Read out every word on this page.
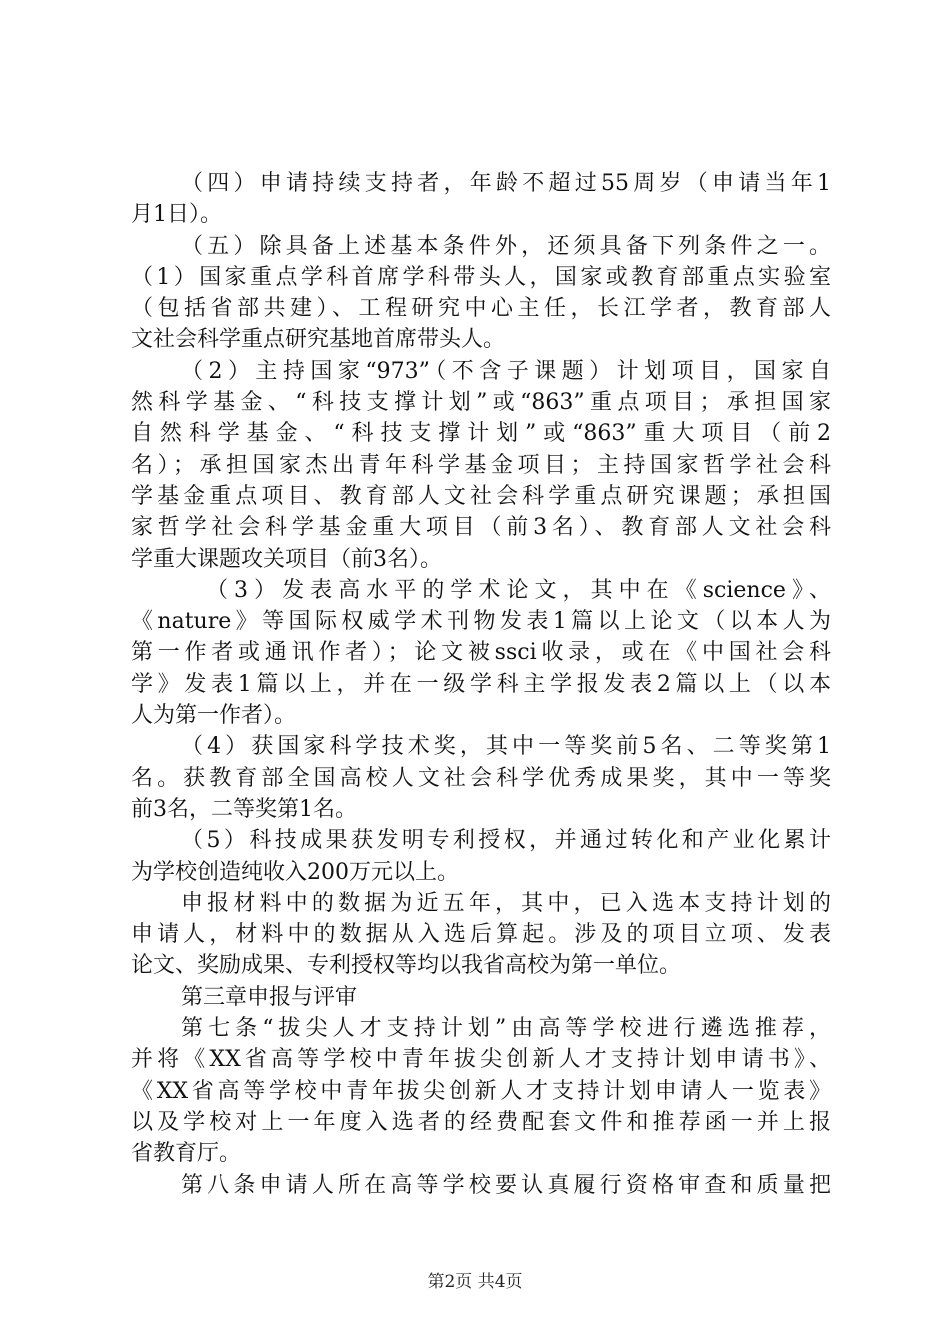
（四）申请持续支持者，年龄不超过55周岁（申请当年1
月1日）。
（五）除具备上述基本条件外，还须具备下列条件之一。
（1）国家重点学科首席学科带头人，国家或教育部重点实验室
（包括省部共建）、工程研究中心主任，长江学者，教育部人
文社会科学重点研究基地首席带头人。
（2）主持国家“973”（不含子课题）计划项目，国家自
然科学基金、“科技支撑计划”或“863”重点项目；承担国家
自然科学基金、“科技支撑计划”或“863”重大项目（前2
名）；承担国家杰出青年科学基金项目；主持国家哲学社会科
学基金重点项目、教育部人文社会科学重点研究课题；承担国
家哲学社会科学基金重大项目（前3名）、教育部人文社会科
学重大课题攻关项目（前3名）。
（3）发表高水平的学术论文，其中在《science》、
《nature》等国际权威学术刊物发表1篇以上论文（以本人为
第一作者或通讯作者）；论文被ssci收录，或在《中国社会科
学》发表1篇以上，并在一级学科主学报发表2篇以上（以本
人为第一作者）。
（4）获国家科学技术奖，其中一等奖前5名、二等奖第1
名。获教育部全国高校人文社会科学优秀成果奖，其中一等奖
前3名，二等奖第1名。
（5）科技成果获发明专利授权，并通过转化和产业化累计
为学校创造纯收入200万元以上。
申报材料中的数据为近五年，其中，已入选本支持计划的
申请人，材料中的数据从入选后算起。涉及的项目立项、发表
论文、奖励成果、专利授权等均以我省高校为第一单位。
第三章申报与评审
第七条“拔尖人才支持计划”由高等学校进行遴选推荐，
并将《XX省高等学校中青年拔尖创新人才支持计划申请书》、
《XX省高等学校中青年拔尖创新人才支持计划申请人一览表》
以及学校对上一年度入选者的经费配套文件和推荐函一并上报
省教育厅。
第八条申请人所在高等学校要认真履行资格审查和质量把
第2页 共4页
